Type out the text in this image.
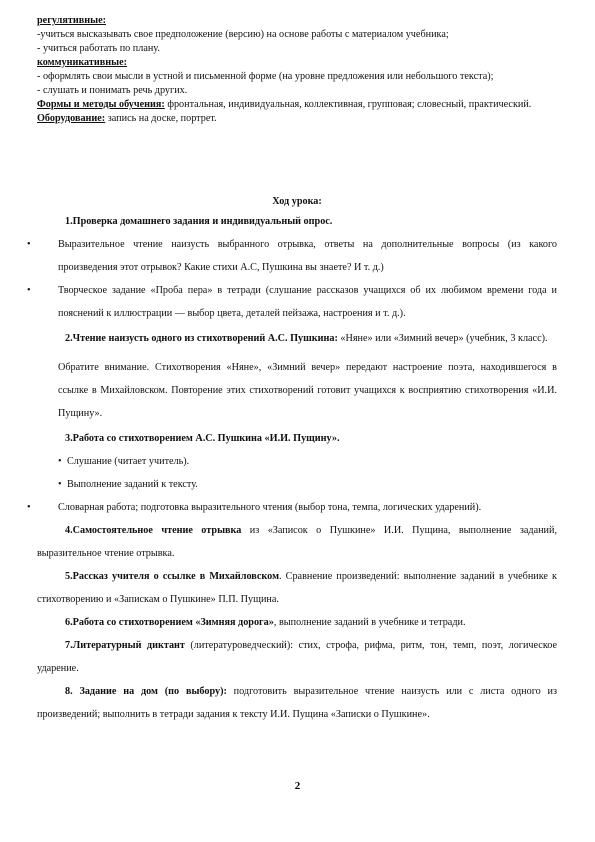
регулятивные:

-учиться высказывать свое предположение (версию) на основе работы с материалом учебника;

- учиться работать по плану.

коммуникативные:

- оформлять свои мысли в устной и письменной форме (на уровне предложения или небольшого текста);

- слушать и понимать речь других.

Формы и методы обучения: фронтальная, индивидуальная, коллективная, групповая; словесный, практический.

Оборудование: запись на доске, портрет.

Ход урока:

1.Проверка домашнего задания и индивидуальный опрос.

•	Выразительное чтение наизусть выбранного отрывка, ответы на дополнительные вопросы (из какого произведения этот отрывок? Какие стихи А.С, Пушкина вы знаете? И т. д.)

•	Творческое задание «Проба пера» в тетради (слушание рассказов учащихся об их любимом времени года и пояснений к иллюстрации — выбор цвета, деталей пейзажа, настроения и т. д.).

2.Чтение наизусть одного из стихотворений А.С. Пушкина: «Няне» или «Зимний вечер» (учебник, 3 класс).

Обратите внимание. Стихотворения «Няне», «Зимний вечер» передают настроение поэта, находившегося в ссылке в Михайловском. Повторение этих стихотворений готовит учащихся к восприятию стихотворения «И.И. Пущину».

3.Работа со стихотворением А.С. Пушкина «И.И. Пущину».

• Слушание (читает учитель).

• Выполнение заданий к тексту.

•	Словарная работа; подготовка выразительного чтения (выбор тона, темпа, логических ударений).

4.Самостоятельное чтение отрывка из «Записок о Пушкине» И.И. Пущина, выполнение заданий, выразительное чтение отрывка.

5.Рассказ учителя о ссылке в Михайловском. Сравнение произведений: выполнение заданий в учебнике к стихотворению и «Запискам о Пушкине» П.П. Пущина.

6.Работа со стихотворением «Зимняя дорога», выполнение заданий в учебнике и тетради.

7.Литературный диктант (литературоведческий): стих, строфа, рифма, ритм, тон, темп, поэт, логическое ударение.

8. Задание на дом (по выбору): подготовить выразительное чтение наизусть или с листа одного из произведений; выполнить в тетради задания к тексту И.И. Пущина «Записки о Пушкине».

2
